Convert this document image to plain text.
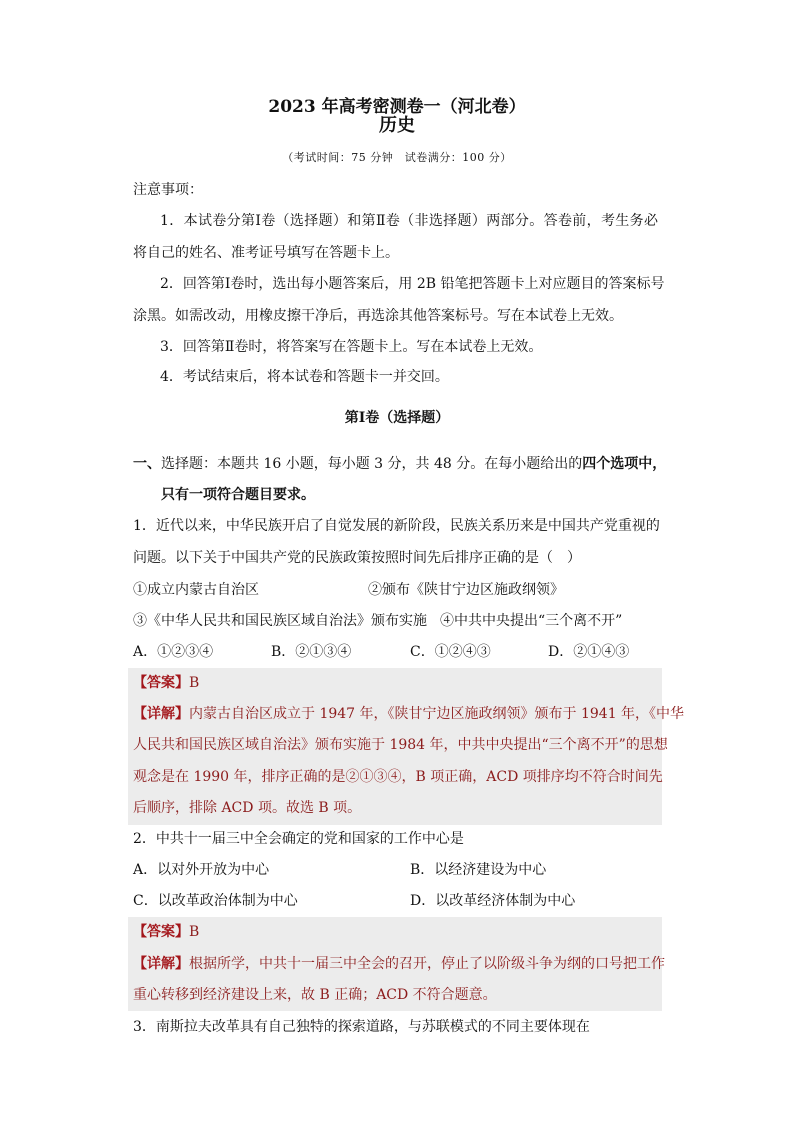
2023 年高考密测卷一（河北卷）
历史
（考试时间：75 分钟　试卷满分：100 分）
注意事项：
1．本试卷分第Ⅰ卷（选择题）和第Ⅱ卷（非选择题）两部分。答卷前，考生务必
将自己的姓名、准考证号填写在答题卡上。
2．回答第Ⅰ卷时，选出每小题答案后，用 2B 铅笔把答题卡上对应题目的答案标号
涂黑。如需改动，用橡皮擦干净后，再选涂其他答案标号。写在本试卷上无效。
3．回答第Ⅱ卷时，将答案写在答题卡上。写在本试卷上无效。
4．考试结束后，将本试卷和答题卡一并交回。
第Ⅰ卷（选择题）
一、选择题：本题共 16 小题，每小题 3 分，共 48 分。在每小题给出的四个选项中，
只有一项符合题目要求。
1．近代以来，中华民族开启了自觉发展的新阶段，民族关系历来是中国共产党重视的
问题。以下关于中国共产党的民族政策按照时间先后排序正确的是（　）
①成立内蒙古自治区	②颁布《陕甘宁边区施政纲领》
③《中华人民共和国民族区域自治法》颁布实施 ④中共中央提出“三个离不开”
A．①②③④	B．②①③④	C．①②④③	D．②①④③
【答案】B
【详解】内蒙古自治区成立于 1947 年，《陕甘宁边区施政纲领》颁布于 1941 年，《中华
人民共和国民族区域自治法》颁布实施于 1984 年，中共中央提出“三个离不开”的思想
观念是在 1990 年，排序正确的是②①③④，B 项正确，ACD 项排序均不符合时间先
后顺序，排除 ACD 项。故选 B 项。
2．中共十一届三中全会确定的党和国家的工作中心是
A．以对外开放为中心	B．以经济建设为中心
C．以改革政治体制为中心	D．以改革经济体制为中心
【答案】B
【详解】根据所学，中共十一届三中全会的召开，停止了以阶级斗争为纲的口号把工作
重心转移到经济建设上来，故 B 正确；ACD 不符合题意。
3．南斯拉夫改革具有自己独特的探索道路，与苏联模式的不同主要体现在
